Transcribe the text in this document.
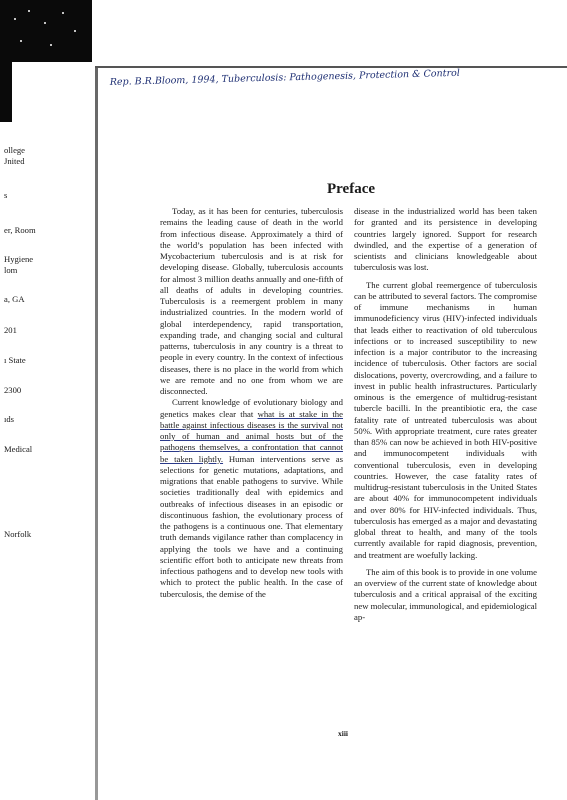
Rep. B.R.Bloom, 1994, Tuberculosis: Pathogenesis, Protection & Control
ollege
Jnited
s
er, Room
Hygiene
lom
a, GA
201
ı State
2300
ıds
Medical
Norfolk
Preface

Today, as it has been for centuries, tuberculosis remains the leading cause of death in the world from infectious disease. Approximately a third of the world’s population has been infected with Mycobacterium tuberculosis and is at risk for developing disease. Globally, tuberculosis accounts for almost 3 million deaths annually and one-fifth of all deaths of adults in developing countries. Tuberculosis is a reemergent problem in many industrialized countries. In the modern world of global interdependency, rapid transportation, expanding trade, and changing social and cultural patterns, tuberculosis in any country is a threat to people in every country. In the context of infectious diseases, there is no place in the world from which we are remote and no one from whom we are disconnected.

Current knowledge of evolutionary biology and genetics makes clear that what is at stake in the battle against infectious diseases is the survival not only of human and animal hosts but of the pathogens themselves, a confrontation that cannot be taken lightly. Human interventions serve as selections for genetic mutations, adaptations, and migrations that enable pathogens to survive. While societies traditionally deal with epidemics and outbreaks of infectious diseases in an episodic or discontinuous fashion, the evolutionary process of the pathogens is a continuous one. That elementary truth demands vigilance rather than complacency in applying the tools we have and a continuing scientific effort both to anticipate new threats from infectious pathogens and to develop new tools with which to protect the public health. In the case of tuberculosis, the demise of the

disease in the industrialized world has been taken for granted and its persistence in developing countries largely ignored. Support for research dwindled, and the expertise of a generation of scientists and clinicians knowledgeable about tuberculosis was lost.

The current global reemergence of tuberculosis can be attributed to several factors. The compromise of immune mechanisms in human immunodeficiency virus (HIV)-infected individuals that leads either to reactivation of old tuberculous infections or to increased susceptibility to new infection is a major contributor to the increasing incidence of tuberculosis. Other factors are social dislocations, poverty, overcrowding, and a failure to invest in public health infrastructures. Particularly ominous is the emergence of multidrug-resistant tubercle bacilli. In the preantibiotic era, the case fatality rate of untreated tuberculosis was about 50%. With appropriate treatment, cure rates greater than 85% can now be achieved in both HIV-positive and immunocompetent individuals with conventional tuberculosis, even in developing countries. However, the case fatality rates of multidrug-resistant tuberculosis in the United States are about 40% for immunocompetent individuals and over 80% for HIV-infected individuals. Thus, tuberculosis has emerged as a major and devastating global threat to health, and many of the tools currently available for rapid diagnosis, prevention, and treatment are woefully lacking.

The aim of this book is to provide in one volume an overview of the current state of knowledge about tuberculosis and a critical appraisal of the exciting new molecular, immunological, and epidemiological ap-

xiii
